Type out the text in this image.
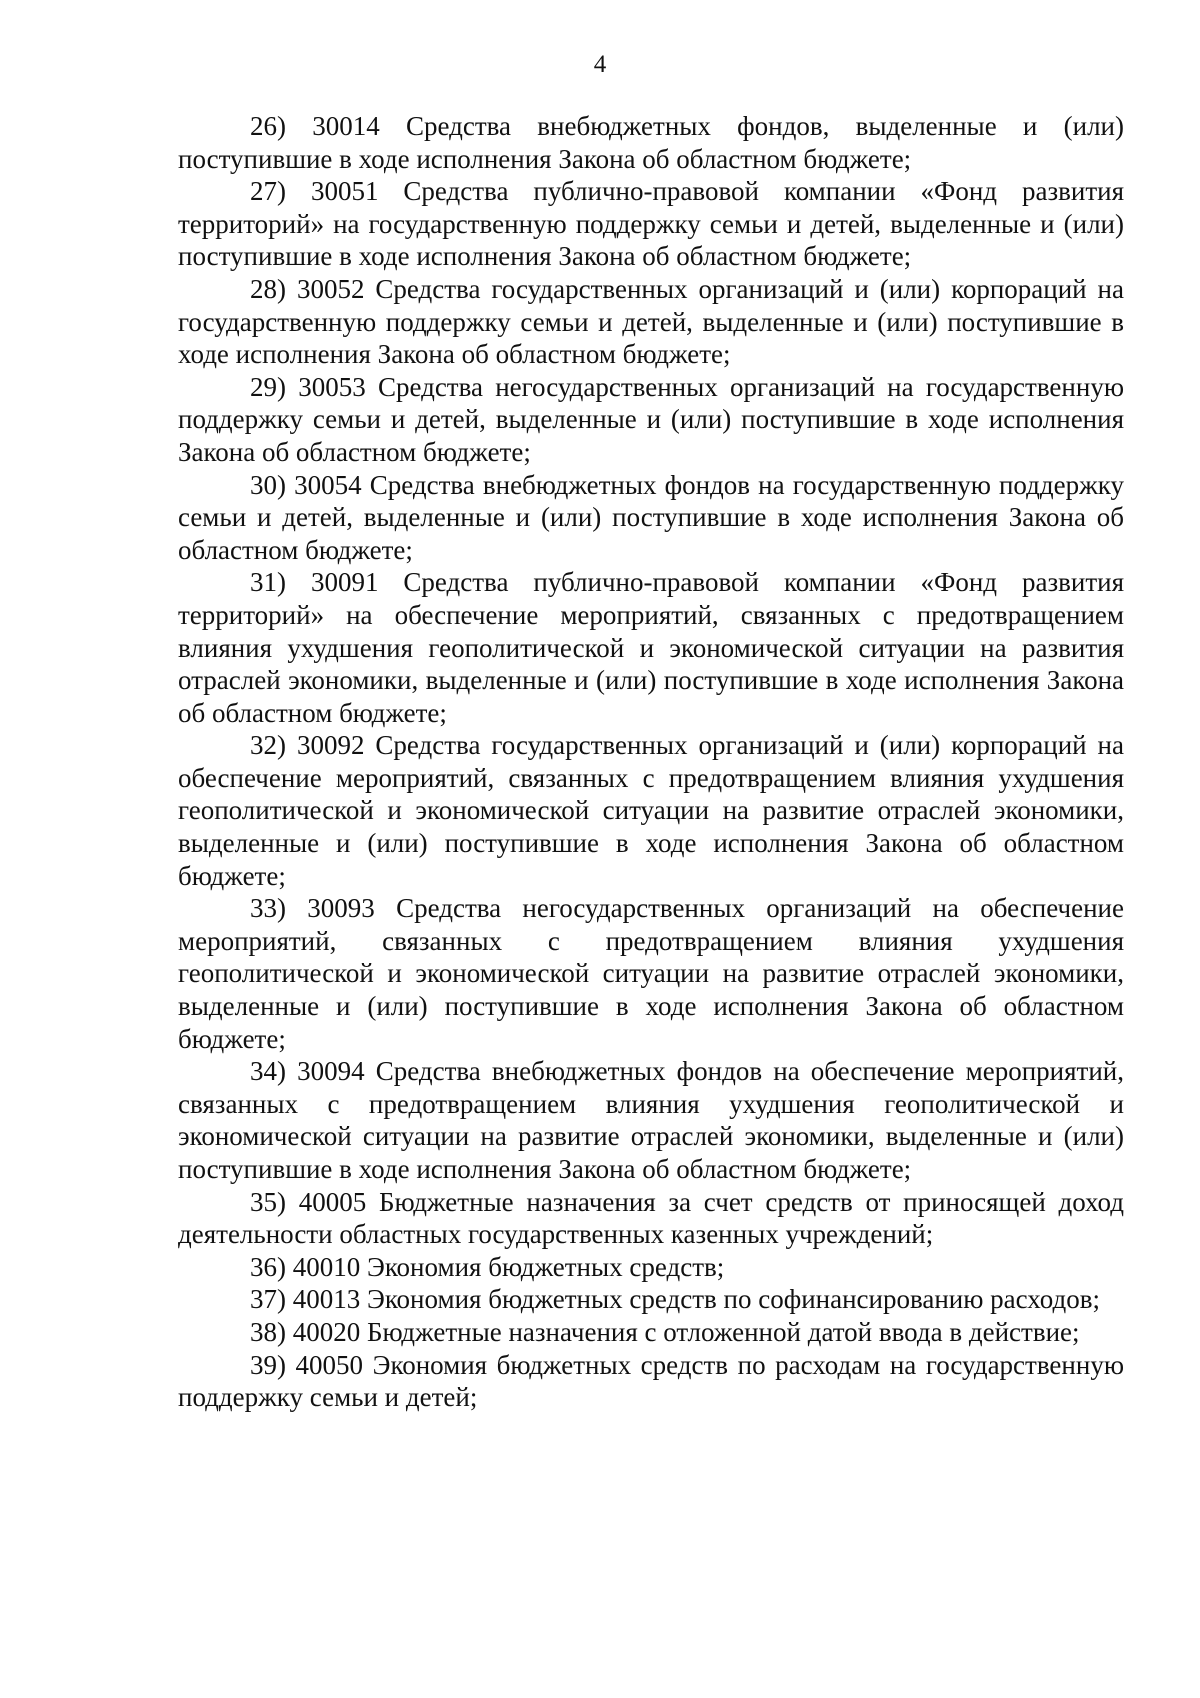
4

26) 30014 Средства внебюджетных фондов, выделенные и (или) поступившие в ходе исполнения Закона об областном бюджете;

27) 30051 Средства публично-правовой компании «Фонд развития территорий» на государственную поддержку семьи и детей, выделенные и (или) поступившие в ходе исполнения Закона об областном бюджете;

28) 30052 Средства государственных организаций и (или) корпораций на государственную поддержку семьи и детей, выделенные и (или) поступившие в ходе исполнения Закона об областном бюджете;

29) 30053 Средства негосударственных организаций на государственную поддержку семьи и детей, выделенные и (или) поступившие в ходе исполнения Закона об областном бюджете;

30) 30054 Средства внебюджетных фондов на государственную поддержку семьи и детей, выделенные и (или) поступившие в ходе исполнения Закона об областном бюджете;

31) 30091 Средства публично-правовой компании «Фонд развития территорий» на обеспечение мероприятий, связанных с предотвращением влияния ухудшения геополитической и экономической ситуации на развития отраслей экономики, выделенные и (или) поступившие в ходе исполнения Закона об областном бюджете;

32) 30092 Средства государственных организаций и (или) корпораций на обеспечение мероприятий, связанных с предотвращением влияния ухудшения геополитической и экономической ситуации на развитие отраслей экономики, выделенные и (или) поступившие в ходе исполнения Закона об областном бюджете;

33) 30093 Средства негосударственных организаций на обеспечение мероприятий, связанных с предотвращением влияния ухудшения геополитической и экономической ситуации на развитие отраслей экономики, выделенные и (или) поступившие в ходе исполнения Закона об областном бюджете;

34) 30094 Средства внебюджетных фондов на обеспечение мероприятий, связанных с предотвращением влияния ухудшения геополитической и экономической ситуации на развитие отраслей экономики, выделенные и (или) поступившие в ходе исполнения Закона об областном бюджете;

35) 40005 Бюджетные назначения за счет средств от приносящей доход деятельности областных государственных казенных учреждений;

36) 40010 Экономия бюджетных средств;

37) 40013 Экономия бюджетных средств по софинансированию расходов;

38) 40020 Бюджетные назначения с отложенной датой ввода в действие;

39) 40050 Экономия бюджетных средств по расходам на государственную поддержку семьи и детей;
